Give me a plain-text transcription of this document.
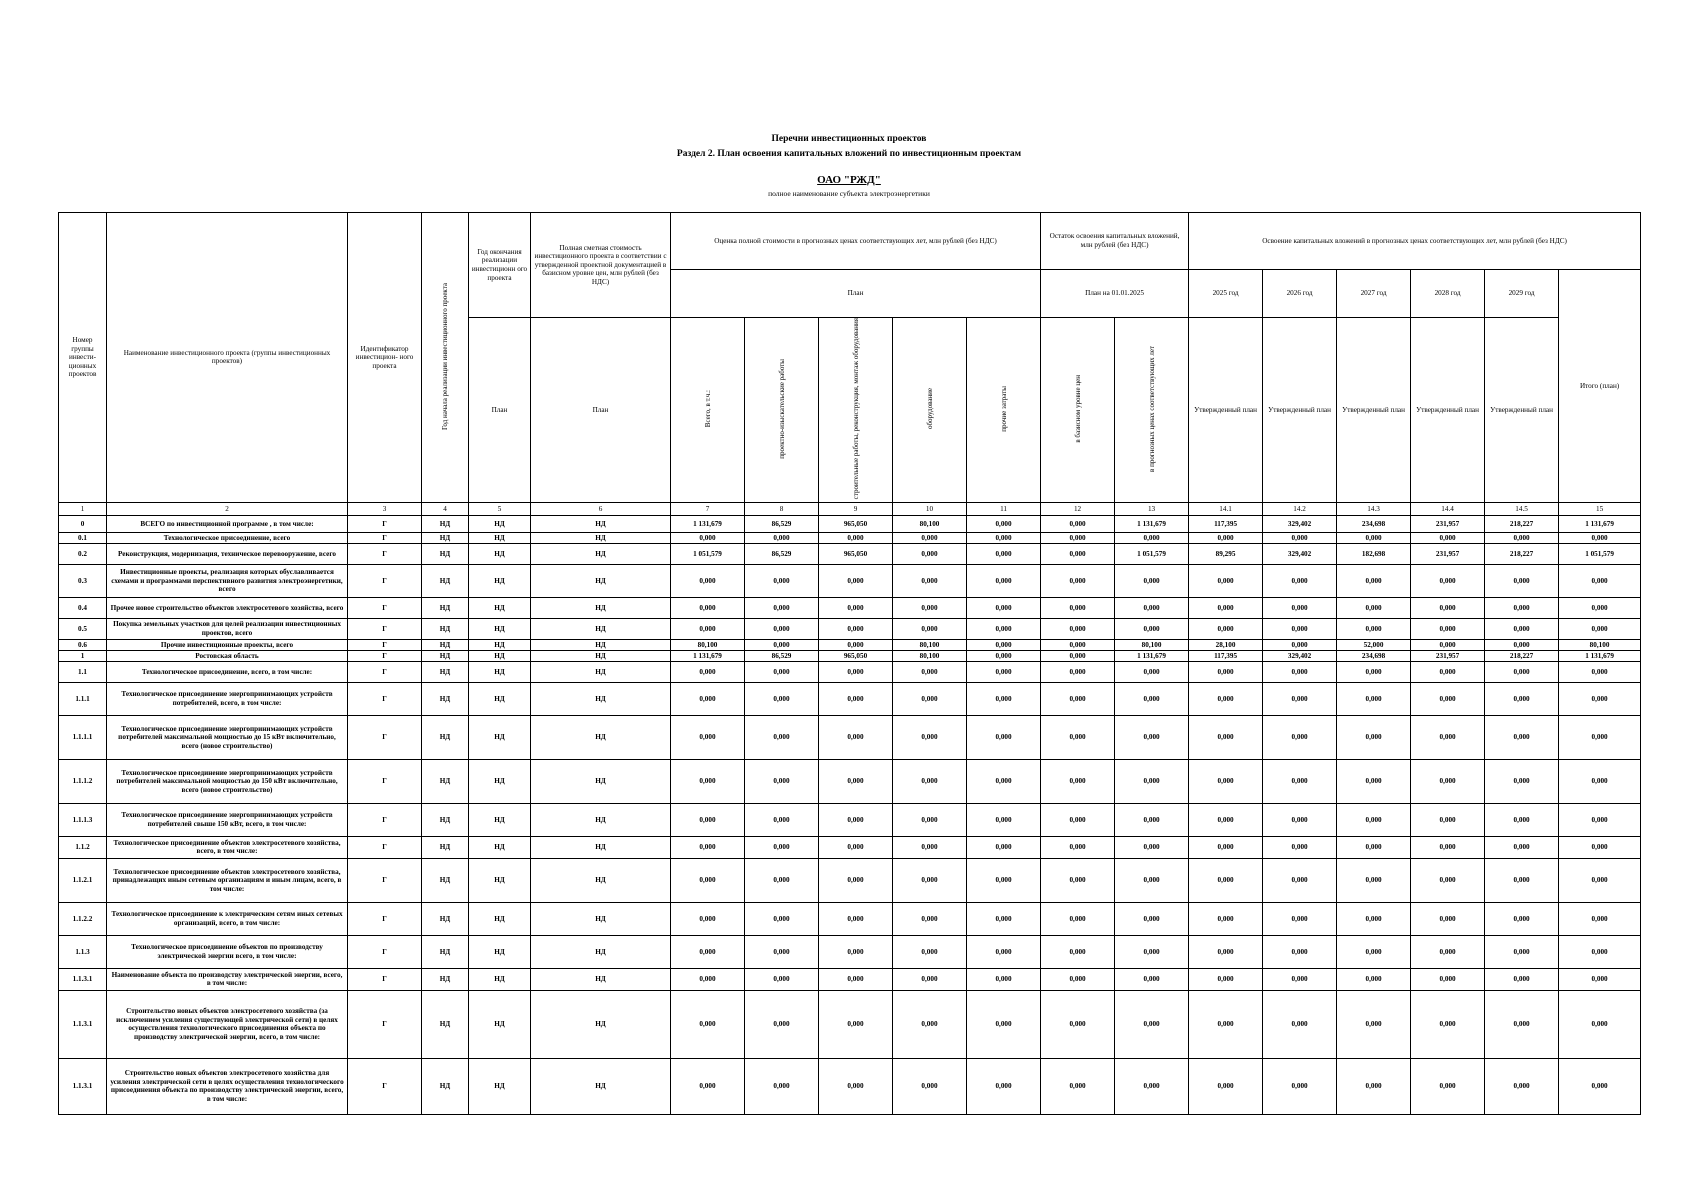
Перечни инвестиционных проектов
Раздел 2. План освоения капитальных вложений по инвестиционным проектам
ОАО "РЖД"
полное наименование субъекта электроэнергетики
Номер группы инвести- ционных проектов	Наименование инвестиционного проекта (группы инвестиционных проектов)	Идентификатор инвестицион- ного проекта	Год начала реализации инвестиционного проекта	Год окончания реализации инвестиционн ого проекта	Полная сметная стоимость инвестиционного проекта в соответствии с утвержденной проектной документацией в базисном уровне цен, млн рублей (без НДС)	Оценка полной стоимости в прогнозных ценах соответствующих лет, млн рублей (без НДС)					Остаток освоения капитальных вложений, млн рублей (без НДС)		Освоение капитальных вложений в прогнозных ценах соответствующих лет, млн рублей (без НДС)					
						План					План на 01.01.2025		2025 год	2026 год	2027 год	2028 год	2029 год	Итого (план)
				План	План	Всего, в т.ч.:	проектно-изыскательские работы	строительные работы, реконструкция, монтаж оборудования	оборудование	прочие затраты	в базисном уровне цен	в прогнозных ценах соответствующих лет	Утвержденный план	Утвержденный план	Утвержденный план	Утвержденный план	Утвержденный план	
1	2	3	4	5	6	7	8	9	10	11	12	13	14.1	14.2	14.3	14.4	14.5	15
0	ВСЕГО по инвестиционной программе , в том числе:	Г	НД	НД	НД	1 131,679	86,529	965,050	80,100	0,000	0,000	1 131,679	117,395	329,402	234,698	231,957	218,227	1 131,679
0.1	Технологическое присоединение, всего	Г	НД	НД	НД	0,000	0,000	0,000	0,000	0,000	0,000	0,000	0,000	0,000	0,000	0,000	0,000	0,000
0.2	Реконструкция, модернизация, техническое перевооружение, всего	Г	НД	НД	НД	1 051,579	86,529	965,050	0,000	0,000	0,000	1 051,579	89,295	329,402	182,698	231,957	218,227	1 051,579
0.3	Инвестиционные проекты, реализация которых обуславливается схемами и программами перспективного развития электроэнергетики, всего	Г	НД	НД	НД	0,000	0,000	0,000	0,000	0,000	0,000	0,000	0,000	0,000	0,000	0,000	0,000	0,000
0.4	Прочее новое строительство объектов электросетевого хозяйства, всего	Г	НД	НД	НД	0,000	0,000	0,000	0,000	0,000	0,000	0,000	0,000	0,000	0,000	0,000	0,000	0,000
0.5	Покупка земельных участков для целей реализации инвестиционных проектов, всего	Г	НД	НД	НД	0,000	0,000	0,000	0,000	0,000	0,000	0,000	0,000	0,000	0,000	0,000	0,000	0,000
0.6	Прочие инвестиционные проекты, всего	Г	НД	НД	НД	80,100	0,000	0,000	80,100	0,000	0,000	80,100	28,100	0,000	52,000	0,000	0,000	80,100
1	Ростовская область	Г	НД	НД	НД	1 131,679	86,529	965,050	80,100	0,000	0,000	1 131,679	117,395	329,402	234,698	231,957	218,227	1 131,679
1.1	Технологическое присоединение, всего, в том числе:	Г	НД	НД	НД	0,000	0,000	0,000	0,000	0,000	0,000	0,000	0,000	0,000	0,000	0,000	0,000	0,000
1.1.1	Технологическое присоединение энергопринимающих устройств потребителей, всего, в том числе:	Г	НД	НД	НД	0,000	0,000	0,000	0,000	0,000	0,000	0,000	0,000	0,000	0,000	0,000	0,000	0,000
1.1.1.1	Технологическое присоединение энергопринимающих устройств потребителей максимальной мощностью до 15 кВт включительно, всего (новое строительство)	Г	НД	НД	НД	0,000	0,000	0,000	0,000	0,000	0,000	0,000	0,000	0,000	0,000	0,000	0,000	0,000
1.1.1.2	Технологическое присоединение энергопринимающих устройств потребителей максимальной мощностью до 150 кВт включительно, всего (новое строительство)	Г	НД	НД	НД	0,000	0,000	0,000	0,000	0,000	0,000	0,000	0,000	0,000	0,000	0,000	0,000	0,000
1.1.1.3	Технологическое присоединение энергопринимающих устройств потребителей свыше 150 кВт, всего, в том числе:	Г	НД	НД	НД	0,000	0,000	0,000	0,000	0,000	0,000	0,000	0,000	0,000	0,000	0,000	0,000	0,000
1.1.2	Технологическое присоединение объектов электросетевого хозяйства, всего, в том числе:	Г	НД	НД	НД	0,000	0,000	0,000	0,000	0,000	0,000	0,000	0,000	0,000	0,000	0,000	0,000	0,000
1.1.2.1	Технологическое присоединение объектов электросетевого хозяйства, принадлежащих иным сетевым организациям и иным лицам, всего, в том числе:	Г	НД	НД	НД	0,000	0,000	0,000	0,000	0,000	0,000	0,000	0,000	0,000	0,000	0,000	0,000	0,000
1.1.2.2	Технологическое присоединение к электрическим сетям иных сетевых организаций, всего, в том числе:	Г	НД	НД	НД	0,000	0,000	0,000	0,000	0,000	0,000	0,000	0,000	0,000	0,000	0,000	0,000	0,000
1.1.3	Технологическое присоединение объектов по производству электрической энергии всего, в том числе:	Г	НД	НД	НД	0,000	0,000	0,000	0,000	0,000	0,000	0,000	0,000	0,000	0,000	0,000	0,000	0,000
1.1.3.1	Наименование объекта по производству электрической энергии, всего, в том числе:	Г	НД	НД	НД	0,000	0,000	0,000	0,000	0,000	0,000	0,000	0,000	0,000	0,000	0,000	0,000	0,000
1.1.3.1	Строительство новых объектов электросетевого хозяйства (за исключением усиления существующей электрической сети) в целях осуществления технологического присоединения объекта по производству электрической энергии, всего, в том числе:	Г	НД	НД	НД	0,000	0,000	0,000	0,000	0,000	0,000	0,000	0,000	0,000	0,000	0,000	0,000	0,000
1.1.3.1	Строительство новых объектов электросетевого хозяйства для усиления электрической сети в целях осуществления технологического присоединения объекта по производству электрической энергии, всего, в том числе:	Г	НД	НД	НД	0,000	0,000	0,000	0,000	0,000	0,000	0,000	0,000	0,000	0,000	0,000	0,000	0,000
